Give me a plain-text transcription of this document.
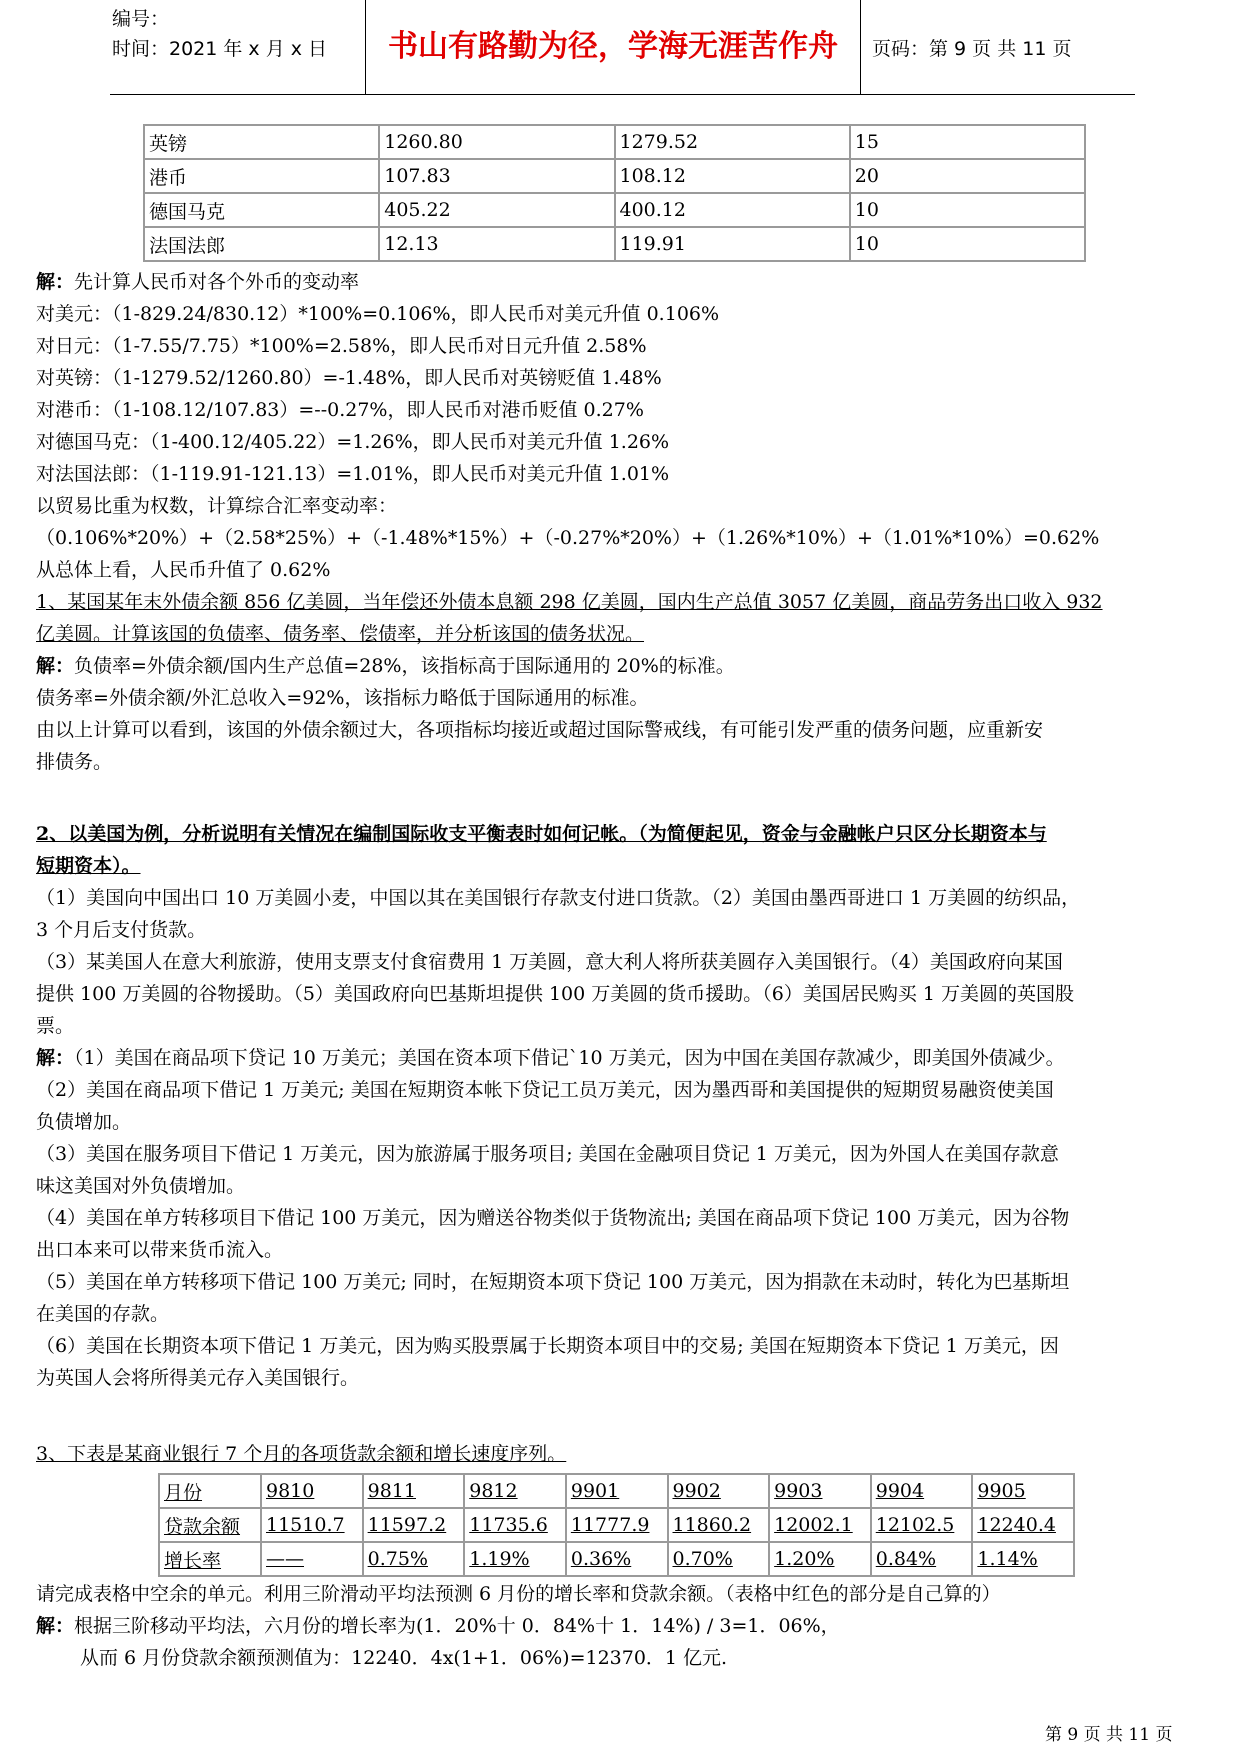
编号：
时间：2021 年 x 月 x 日	书山有路勤为径，学海无涯苦作舟	页码：第 9 页 共 11 页
英镑	1260.80	1279.52	15
港币	107.83	108.12	20
德国马克	405.22	400.12	10
法国法郎	12.13	119.91	10

解：先计算人民币对各个外币的变动率

对美元：（1-829.24/830.12）*100%=0.106%，即人民币对美元升值 0.106%

对日元：（1-7.55/7.75）*100%=2.58%，即人民币对日元升值 2.58%

对英镑：（1-1279.52/1260.80）=-1.48%，即人民币对英镑贬值 1.48%

对港币：（1-108.12/107.83）=--0.27%，即人民币对港币贬值 0.27%

对德国马克：（1-400.12/405.22）=1.26%，即人民币对美元升值 1.26%

对法国法郎：（1-119.91-121.13）=1.01%，即人民币对美元升值 1.01%

以贸易比重为权数，计算综合汇率变动率：

（0.106%*20%）+（2.58*25%）+（-1.48%*15%）+（-0.27%*20%）+（1.26%*10%）+（1.01%*10%）=0.62%

从总体上看，人民币升值了 0.62%

1、某国某年末外债余额 856 亿美圆，当年偿还外债本息额 298 亿美圆，国内生产总值 3057 亿美圆，商品劳务出口收入 932

亿美圆。计算该国的负债率、债务率、偿债率，并分析该国的债务状况。

解：负债率=外债余额/国内生产总值=28%，该指标高于国际通用的 20%的标准。

债务率=外债余额/外汇总收入=92%，该指标力略低于国际通用的标准。

由以上计算可以看到，该国的外债余额过大，各项指标均接近或超过国际警戒线，有可能引发严重的债务问题，应重新安

排债务。

2、以美国为例，分析说明有关情况在编制国际收支平衡表时如何记帐。（为简便起见，资金与金融帐户只区分长期资本与

短期资本）。

（1）美国向中国出口 10 万美圆小麦，中国以其在美国银行存款支付进口货款。（2）美国由墨西哥进口 1 万美圆的纺织品，

3 个月后支付货款。

（3）某美国人在意大利旅游，使用支票支付食宿费用 1 万美圆，意大利人将所获美圆存入美国银行。（4）美国政府向某国

提供 100 万美圆的谷物援助。（5）美国政府向巴基斯坦提供 100 万美圆的货币援助。（6）美国居民购买 1 万美圆的英国股

票。

解：（1）美国在商品项下贷记 10 万美元；美国在资本项下借记`10 万美元，因为中国在美国存款减少，即美国外债减少。

（2）美国在商品项下借记 1 万美元; 美国在短期资本帐下贷记工员万美元，因为墨西哥和美国提供的短期贸易融资使美国

负债增加。

（3）美国在服务项目下借记 1 万美元，因为旅游属于服务项目; 美国在金融项目贷记 1 万美元，因为外国人在美国存款意

味这美国对外负债增加。

（4）美国在单方转移项目下借记 100 万美元，因为赠送谷物类似于货物流出; 美国在商品项下贷记 100 万美元，因为谷物

出口本来可以带来货币流入。

（5）美国在单方转移项下借记 100 万美元; 同时，在短期资本项下贷记 100 万美元，因为捐款在未动时，转化为巴基斯坦

在美国的存款。

（6）美国在长期资本项下借记 1 万美元，因为购买股票属于长期资本项目中的交易; 美国在短期资本下贷记 1 万美元，因

为英国人会将所得美元存入美国银行。

3、下表是某商业银行 7 个月的各项货款余额和增长速度序列。

月份	9810	9811	9812	9901	9902	9903	9904	9905
贷款余额	11510.7	11597.2	11735.6	11777.9	11860.2	12002.1	12102.5	12240.4
增长率	——	0.75%	1.19%	0.36%	0.70%	1.20%	0.84%	1.14%

请完成表格中空余的单元。利用三阶滑动平均法预测 6 月份的增长率和贷款余额。（表格中红色的部分是自己算的）

解：根据三阶移动平均法，六月份的增长率为(1．20%十 0．84%十 1．14%) / 3=1．06%，

从而 6 月份贷款余额预测值为：12240．4x(1+1．06%)=12370．1 亿元.

第 9 页 共 11 页
